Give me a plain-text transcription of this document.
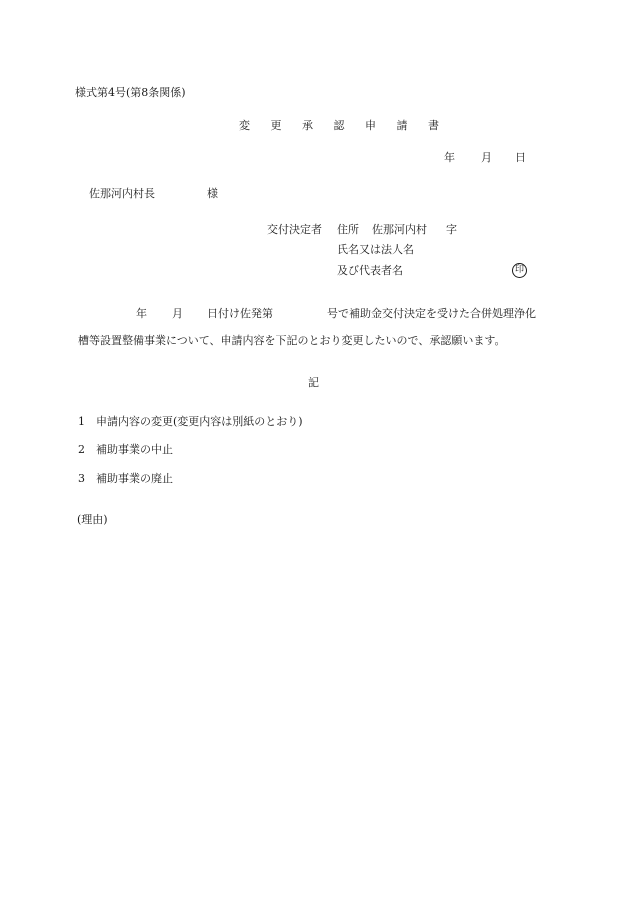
様式第4号(第8条関係)
変 更 承 認 申 請 書
年 月 日
佐那河内村長	様
交付決定者 住所 佐那河内村 字
氏名又は法人名
及び代表者名	印
年 月 日付け佐発第	号で補助金交付決定を受けた合併処理浄化
槽等設置整備事業について、申請内容を下記のとおり変更したいので、承認願います。
記
1 申請内容の変更(変更内容は別紙のとおり)
2 補助事業の中止
3 補助事業の廃止
(理由)
